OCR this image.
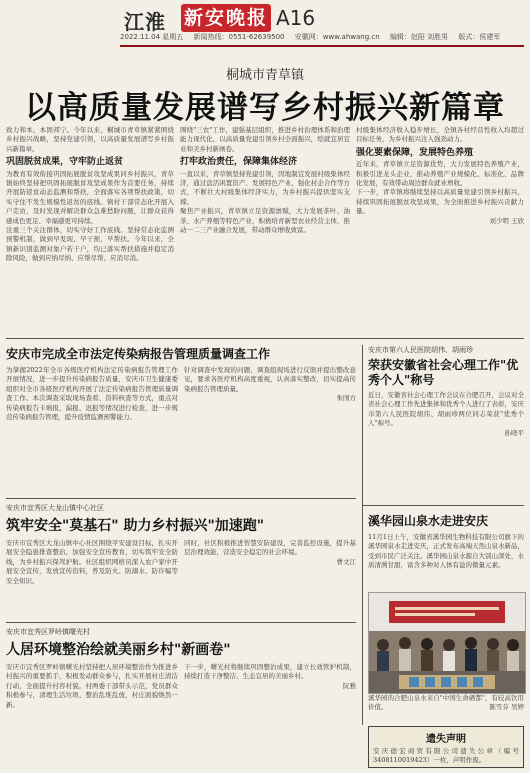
江淮 新安晚报 A16
2022.11.04 星期五 新闻热线：0551-62639500 安徽网：www.ahwang.cn 编辑：赵阳 刘胜男 版式：侯建军
桐城市青草镇
以高质量发展谱写乡村振兴新篇章
致力和本，本固邦宁。今年以来，桐城市青草镇紧紧围绕乡村振兴战略，坚持党建引领，以高质量发展谱写乡村振兴新篇章。
巩固脱贫成果，守牢防止返贫
为教育有效衔接巩固拓展脱贫攻坚成果同乡村振兴，青草镇始终坚持把巩固拓展脱贫攻坚成果作为首要任务，持续开展防返贫动态监测和帮扶，全面落实各项帮扶政策，切实守住不发生规模性返贫的底线。镇村干部常态化开展入户走访，及时发现并解决群众急难愁盼问题，让群众获得感成色更足、幸福感更可持续。
注重三个关注群体，切实守好工作底线。坚持常态化监测预警机制，做到早发现、早干预、早帮扶。今年以来，全镇新识别监测对象户若干户，均已落实帮扶措施并稳定消除风险，做到应纳尽纳、应帮尽帮、应消尽消。
围绕"三农"工作，建强基层组织，推进乡村治理体系和治理能力现代化，以高质量党建引领乡村全面振兴，绘就宜居宜业和美乡村新画卷。
打牢政治责任，保障集体经济
一直以来，青草镇坚持党建引领，因地制宜发展村级集体经济，通过盘活闲置资产、发展特色产业、强化村企合作等方式，不断壮大村级集体经济实力，为乡村振兴提供坚实支撑。
聚焦产业振兴，青草镇立足资源禀赋，大力发展茶叶、油茶、水产养殖等特色产业，积极培育新型农业经营主体，推动一二三产业融合发展，带动群众增收致富。
村级集体经济收入稳步增长，全镇各村经营性收入均超过目标任务，为乡村振兴注入强劲动力。
强化要素保障，发展特色养殖
近年来，青草镇立足资源优势，大力发展特色养殖产业，积极引进龙头企业，推动养殖产业规模化、标准化、品牌化发展，有效带动周边群众就业增收。
下一步，青草镇将继续坚持以高质量党建引领乡村振兴，持续巩固拓展脱贫攻坚成果，为全面推进乡村振兴贡献力量。
刘少明 王欣
安庆市完成全市法定传染病报告管理质量调查工作
为掌握2022年全市各级医疗机构法定传染病报告管理工作开展情况，进一步提升传染病报告质量，安庆市卫生健康委组织对全市各级医疗机构开展了法定传染病报告管理质量调查工作。本次调查采取现场查看、资料核查等方式，重点对传染病报告卡填报、漏报、迟报等情况进行检查，进一步规范传染病报告管理，提升疫情监测预警能力。
针对调查中发现的问题，调查组现场进行反馈并提出整改意见，要求各医疗机构高度重视，认真落实整改，切实提高传染病报告管理质量。
朱国方
安庆市第六人民医院胡伟、胡雨珍
荣获安徽省社会心理工作"优秀个人"称号
近日，安徽省社会心理工作会议在合肥召开，会议对全省社会心理工作先进集体和优秀个人进行了表彰，安庆市第六人民医院胡伟、胡雨珍两位同志荣获"优秀个人"称号。
孙晓平
安庆市宜秀区大龙山镇中心社区
筑牢安全"莫基石" 助力乡村振兴"加速跑"
安庆市宜秀区大龙山镇中心社区围绕平安建设目标，扎实开展安全隐患排查整治，加强安全宣传教育，切实筑牢安全防线，为乡村振兴保驾护航。社区组织网格员深入农户家中开展安全宣传，发放宣传资料，普及防火、防溺水、防诈骗等安全知识。
同时，社区积极推进智慧安防建设，完善监控设施，提升基层治理效能，营造安全稳定的社会环境。
曹文江
溪华园山泉水走进安庆
11月1日上午，安徽省溪华园生物科技有限公司旗下的溪华园泉水走进安庆，正式发布高端天然山泉水新品，受到市民广泛关注。溪华园山泉水源自大别山深处，水质清冽甘甜，富含多种对人体有益的微量元素。
溪华园的合肥山泉水来自"中国生命硒都"，有较高饮用价值。	陈雪芬 吴婷
安庆市宜秀区罗岭镇曙光村
人居环境整治绘就美丽乡村"新画卷"
安庆市宜秀区罗岭镇曙光村坚持把人居环境整治作为推进乡村振兴的重要抓手，积极发动群众参与，扎实开展村庄清洁行动，全面提升村容村貌。村两委干部带头示范，党员群众积极参与，清理生活垃圾、整治乱堆乱放，村庄面貌焕然一新。
下一步，曙光村将继续巩固整治成果，建立长效管护机制，持续打造干净整洁、生态宜居的美丽乡村。
阮雅
遗失声明
安庆德宏商贸有限公司遗失公章（编号3408110019423）一枚，声明作废。
